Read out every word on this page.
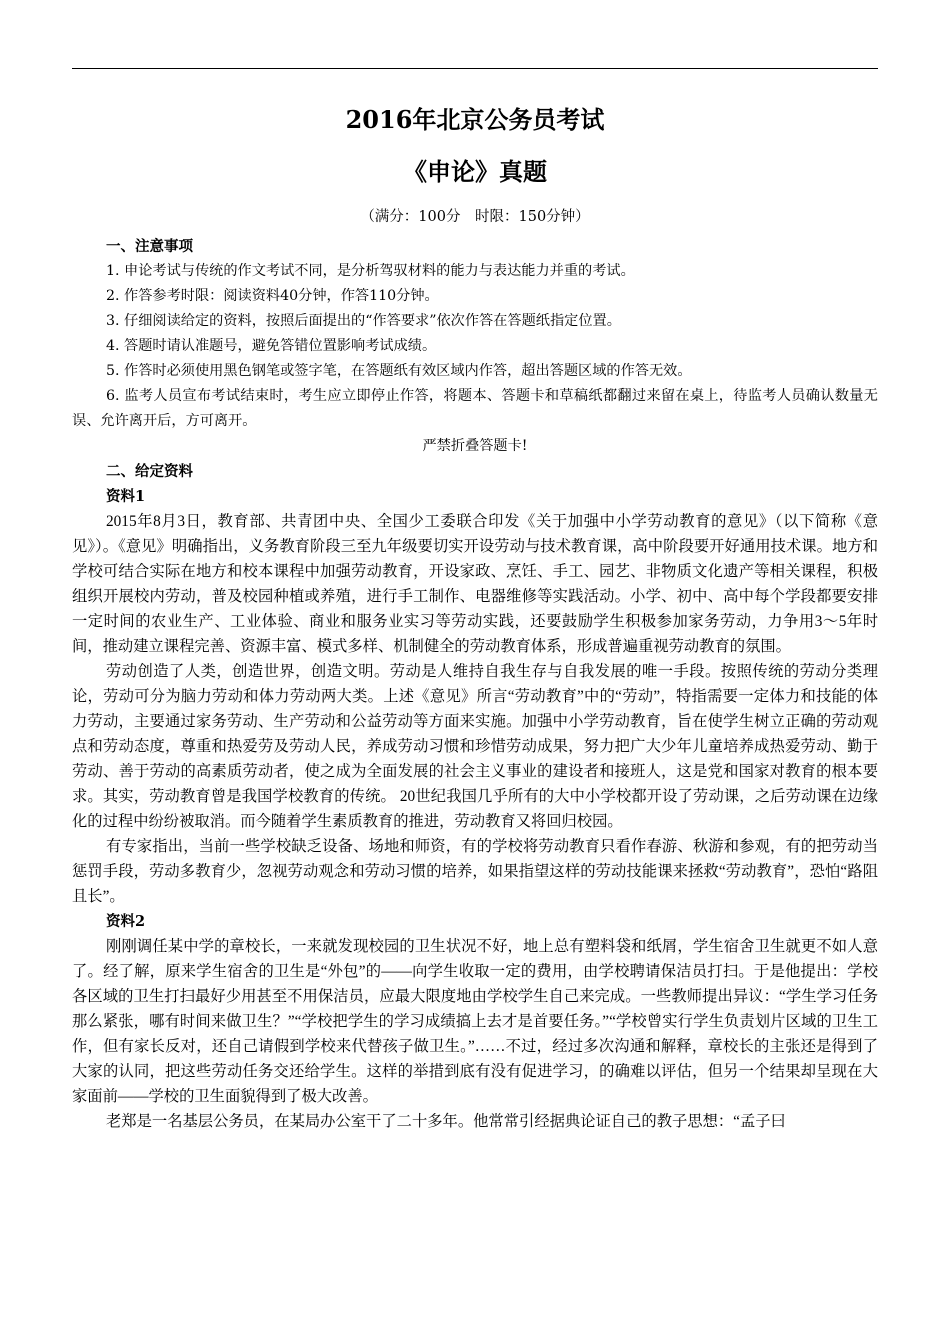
2016年北京公务员考试
《申论》真题
（满分：100分　时限：150分钟）
一、注意事项

1. 申论考试与传统的作文考试不同，是分析驾驭材料的能力与表达能力并重的考试。

2. 作答参考时限：阅读资料40分钟，作答110分钟。

3. 仔细阅读给定的资料，按照后面提出的“作答要求”依次作答在答题纸指定位置。

4. 答题时请认准题号，避免答错位置影响考试成绩。

5. 作答时必须使用黑色钢笔或签字笔，在答题纸有效区域内作答，超出答题区域的作答无效。

6. 监考人员宣布考试结束时，考生应立即停止作答，将题本、答题卡和草稿纸都翻过来留在桌上，待监考人员确认数量无误、允许离开后，方可离开。

严禁折叠答题卡!

二、给定资料
资料1

2015年8月3日，教育部、共青团中央、全国少工委联合印发《关于加强中小学劳动教育的意见》（以下简称《意见》）。《意见》明确指出，义务教育阶段三至九年级要切实开设劳动与技术教育课，高中阶段要开好通用技术课。地方和学校可结合实际在地方和校本课程中加强劳动教育，开设家政、烹饪、手工、园艺、非物质文化遗产等相关课程，积极组织开展校内劳动，普及校园种植或养殖，进行手工制作、电器维修等实践活动。小学、初中、高中每个学段都要安排一定时间的农业生产、工业体验、商业和服务业实习等劳动实践，还要鼓励学生积极参加家务劳动，力争用3～5年时间，推动建立课程完善、资源丰富、模式多样、机制健全的劳动教育体系，形成普遍重视劳动教育的氛围。

劳动创造了人类，创造世界，创造文明。劳动是人维持自我生存与自我发展的唯一手段。按照传统的劳动分类理论，劳动可分为脑力劳动和体力劳动两大类。上述《意见》所言“劳动教育”中的“劳动”，特指需要一定体力和技能的体力劳动，主要通过家务劳动、生产劳动和公益劳动等方面来实施。加强中小学劳动教育，旨在使学生树立正确的劳动观点和劳动态度，尊重和热爱劳及劳动人民，养成劳动习惯和珍惜劳动成果，努力把广大少年儿童培养成热爱劳动、勤于劳动、善于劳动的高素质劳动者，使之成为全面发展的社会主义事业的建设者和接班人，这是党和国家对教育的根本要求。其实，劳动教育曾是我国学校教育的传统。 20世纪我国几乎所有的大中小学校都开设了劳动课，之后劳动课在边缘化的过程中纷纷被取消。而今随着学生素质教育的推进，劳动教育又将回归校园。

有专家指出，当前一些学校缺乏设备、场地和师资，有的学校将劳动教育只看作春游、秋游和参观，有的把劳动当惩罚手段，劳动多教育少，忽视劳动观念和劳动习惯的培养，如果指望这样的劳动技能课来拯救“劳动教育”，恐怕“路阻且长”。

资料2

刚刚调任某中学的章校长，一来就发现校园的卫生状况不好，地上总有塑料袋和纸屑，学生宿舍卫生就更不如人意了。经了解，原来学生宿舍的卫生是“外包”的——向学生收取一定的费用，由学校聘请保洁员打扫。于是他提出：学校各区域的卫生打扫最好少用甚至不用保洁员，应最大限度地由学校学生自己来完成。一些教师提出异议：“学生学习任务那么紧张，哪有时间来做卫生？”“学校把学生的学习成绩搞上去才是首要任务。”“学校曾实行学生负责划片区域的卫生工作，但有家长反对，还自己请假到学校来代替孩子做卫生。”……不过，经过多次沟通和解释，章校长的主张还是得到了大家的认同，把这些劳动任务交还给学生。这样的举措到底有没有促进学习，的确难以评估，但另一个结果却呈现在大家面前——学校的卫生面貌得到了极大改善。

老郑是一名基层公务员，在某局办公室干了二十多年。他常常引经据典论证自己的教子思想：“孟子曰
